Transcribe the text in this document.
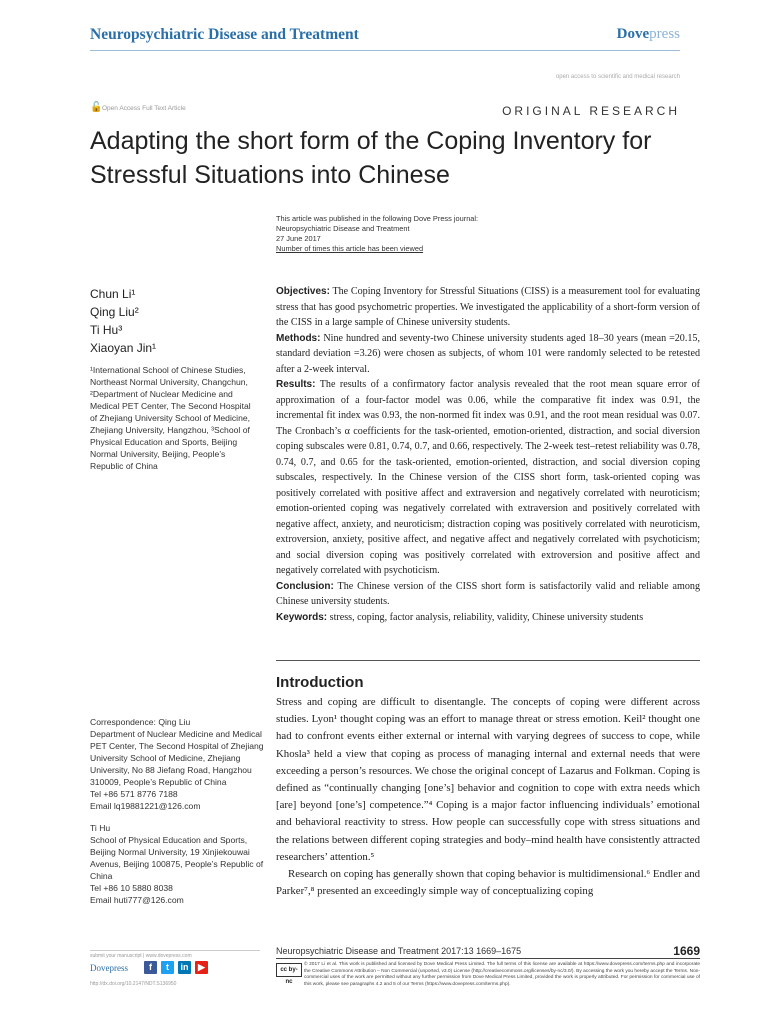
Neuropsychiatric Disease and Treatment	Dovepress
open access to scientific and medical research
🔓 Open Access Full Text Article	ORIGINAL RESEARCH
Adapting the short form of the Coping Inventory for Stressful Situations into Chinese
This article was published in the following Dove Press journal:
Neuropsychiatric Disease and Treatment
27 June 2017
Number of times this article has been viewed
Chun Li¹
Qing Liu²
Ti Hu³
Xiaoyan Jin¹
¹International School of Chinese Studies, Northeast Normal University, Changchun, ²Department of Nuclear Medicine and Medical PET Center, The Second Hospital of Zhejiang University School of Medicine, Zhejiang University, Hangzhou, ³School of Physical Education and Sports, Beijing Normal University, Beijing, People’s Republic of China

Objectives: The Coping Inventory for Stressful Situations (CISS) is a measurement tool for evaluating stress that has good psychometric properties. We investigated the applicability of a short-form version of the CISS in a large sample of Chinese university students.

Methods: Nine hundred and seventy-two Chinese university students aged 18–30 years (mean =20.15, standard deviation =3.26) were chosen as subjects, of whom 101 were randomly selected to be retested after a 2-week interval.

Results: The results of a confirmatory factor analysis revealed that the root mean square error of approximation of a four-factor model was 0.06, while the comparative fit index was 0.91, the incremental fit index was 0.93, the non-normed fit index was 0.91, and the root mean residual was 0.07. The Cronbach’s α coefficients for the task-oriented, emotion-oriented, distraction, and social diversion coping subscales were 0.81, 0.74, 0.7, and 0.66, respectively. The 2-week test–retest reliability was 0.78, 0.74, 0.7, and 0.65 for the task-oriented, emotion-oriented, distraction, and social diversion coping subscales, respectively. In the Chinese version of the CISS short form, task-oriented coping was positively correlated with positive affect and extraversion and negatively correlated with neuroticism; emotion-oriented coping was negatively correlated with extraversion and positively correlated with negative affect, anxiety, and neuroticism; distraction coping was positively correlated with neuroticism, extroversion, anxiety, positive affect, and negative affect and negatively correlated with psychoticism; and social diversion coping was positively correlated with extroversion and positive affect and negatively correlated with psychoticism.

Conclusion: The Chinese version of the CISS short form is satisfactorily valid and reliable among Chinese university students.

Keywords: stress, coping, factor analysis, reliability, validity, Chinese university students

Introduction

Stress and coping are difficult to disentangle. The concepts of coping were different across studies. Lyon¹ thought coping was an effort to manage threat or stress emotion. Keil² thought one had to confront events either external or internal with varying degrees of success to cope, while Khosla³ held a view that coping as process of managing internal and external needs that were exceeding a person’s resources. We chose the original concept of Lazarus and Folkman. Coping is defined as “continually changing [one’s] behavior and cognition to cope with extra needs which [are] beyond [one’s] competence.”⁴ Coping is a major factor influencing individuals’ emotional and behavioral reactivity to stress. How people can successfully cope with stress situations and the relations between different coping strategies and body–mind health have consistently attracted researchers’ attention.⁵

Research on coping has generally shown that coping behavior is multidimensional.⁶ Endler and Parker⁷,⁸ presented an exceedingly simple way of conceptualizing coping

Correspondence: Qing Liu
Department of Nuclear Medicine and Medical PET Center, The Second Hospital of Zhejiang University School of Medicine, Zhejiang University, No 88 Jiefang Road, Hangzhou 310009, People’s Republic of China
Tel +86 571 8776 7188
Email lq19881221@126.com

Ti Hu
School of Physical Education and Sports, Beijing Normal University, 19 Xinjiekouwai Avenus, Beijing 100875, People’s Republic of China
Tel +86 10 5880 8038
Email huti777@126.com

submit your manuscript | www.dovepress.com
Dovepress	f	t	in	▶
http://dx.doi.org/10.2147/NDT.S136950
Neuropsychiatric Disease and Treatment 2017:13 1669–1675	1669
cc by-nc
© 2017 Li et al. This work is published and licensed by Dove Medical Press Limited. The full terms of this license are available at https://www.dovepress.com/terms.php and incorporate the Creative Commons Attribution – Non Commercial (unported, v3.0) License (http://creativecommons.org/licenses/by-nc/3.0/). By accessing the work you hereby accept the Terms. Non-commercial uses of the work are permitted without any further permission from Dove Medical Press Limited, provided the work is properly attributed. For permission for commercial use of this work, please see paragraphs 4.2 and 5 of our Terms (https://www.dovepress.com/terms.php).
